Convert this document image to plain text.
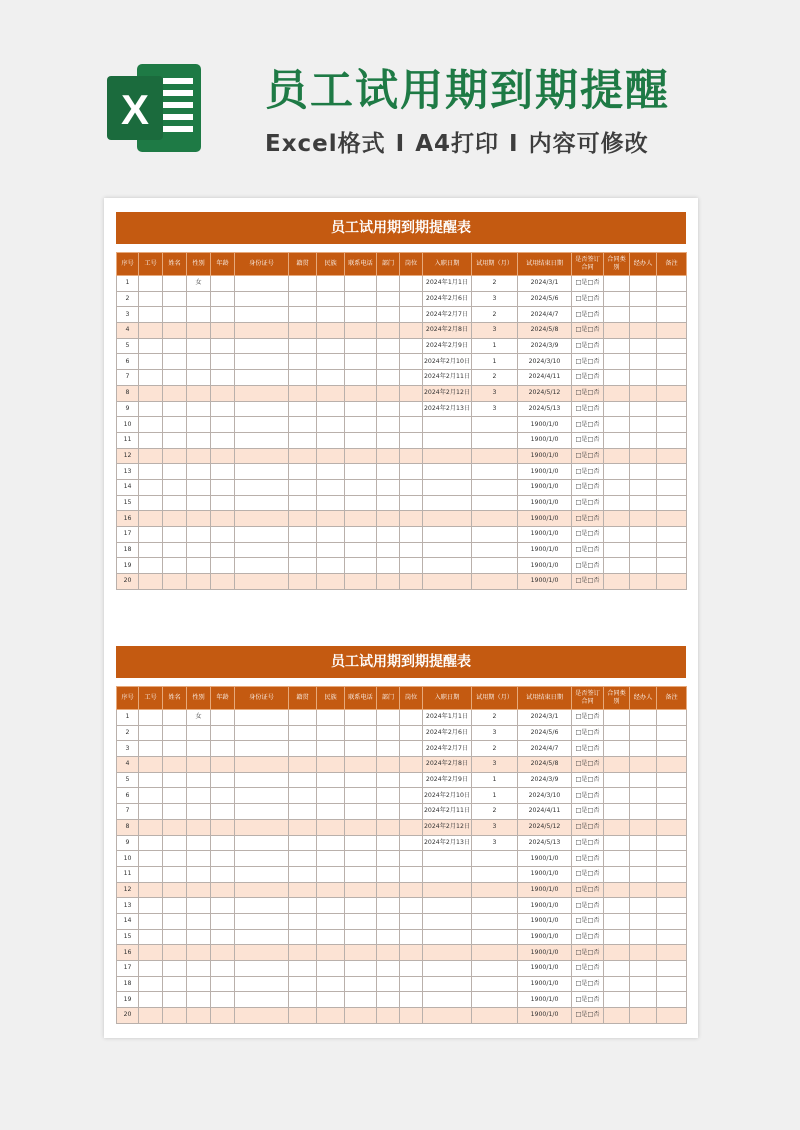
X	员工试用期到期提醒
Excel格式 I A4打印 I 内容可修改
员工试用期到期提醒表
序号	工号	姓名	性别	年龄	身份证号	籍贯	民族	联系电话	部门	岗位	入职日期	试用期（月）	试用结束日期	是否签订合同	合同类别	经办人	备注
1			女								2024年1月1日	2	2024/3/1	□是□否			
2											2024年2月6日	3	2024/5/6	□是□否			
3											2024年2月7日	2	2024/4/7	□是□否			
4											2024年2月8日	3	2024/5/8	□是□否			
5											2024年2月9日	1	2024/3/9	□是□否			
6											2024年2月10日	1	2024/3/10	□是□否			
7											2024年2月11日	2	2024/4/11	□是□否			
8											2024年2月12日	3	2024/5/12	□是□否			
9											2024年2月13日	3	2024/5/13	□是□否			
10													1900/1/0	□是□否			
11													1900/1/0	□是□否			
12													1900/1/0	□是□否			
13													1900/1/0	□是□否			
14													1900/1/0	□是□否			
15													1900/1/0	□是□否			
16													1900/1/0	□是□否			
17													1900/1/0	□是□否			
18													1900/1/0	□是□否			
19													1900/1/0	□是□否			
20													1900/1/0	□是□否			
员工试用期到期提醒表
序号	工号	姓名	性别	年龄	身份证号	籍贯	民族	联系电话	部门	岗位	入职日期	试用期（月）	试用结束日期	是否签订合同	合同类别	经办人	备注
1			女								2024年1月1日	2	2024/3/1	□是□否			
2											2024年2月6日	3	2024/5/6	□是□否			
3											2024年2月7日	2	2024/4/7	□是□否			
4											2024年2月8日	3	2024/5/8	□是□否			
5											2024年2月9日	1	2024/3/9	□是□否			
6											2024年2月10日	1	2024/3/10	□是□否			
7											2024年2月11日	2	2024/4/11	□是□否			
8											2024年2月12日	3	2024/5/12	□是□否			
9											2024年2月13日	3	2024/5/13	□是□否			
10													1900/1/0	□是□否			
11													1900/1/0	□是□否			
12													1900/1/0	□是□否			
13													1900/1/0	□是□否			
14													1900/1/0	□是□否			
15													1900/1/0	□是□否			
16													1900/1/0	□是□否			
17													1900/1/0	□是□否			
18													1900/1/0	□是□否			
19													1900/1/0	□是□否			
20													1900/1/0	□是□否			
